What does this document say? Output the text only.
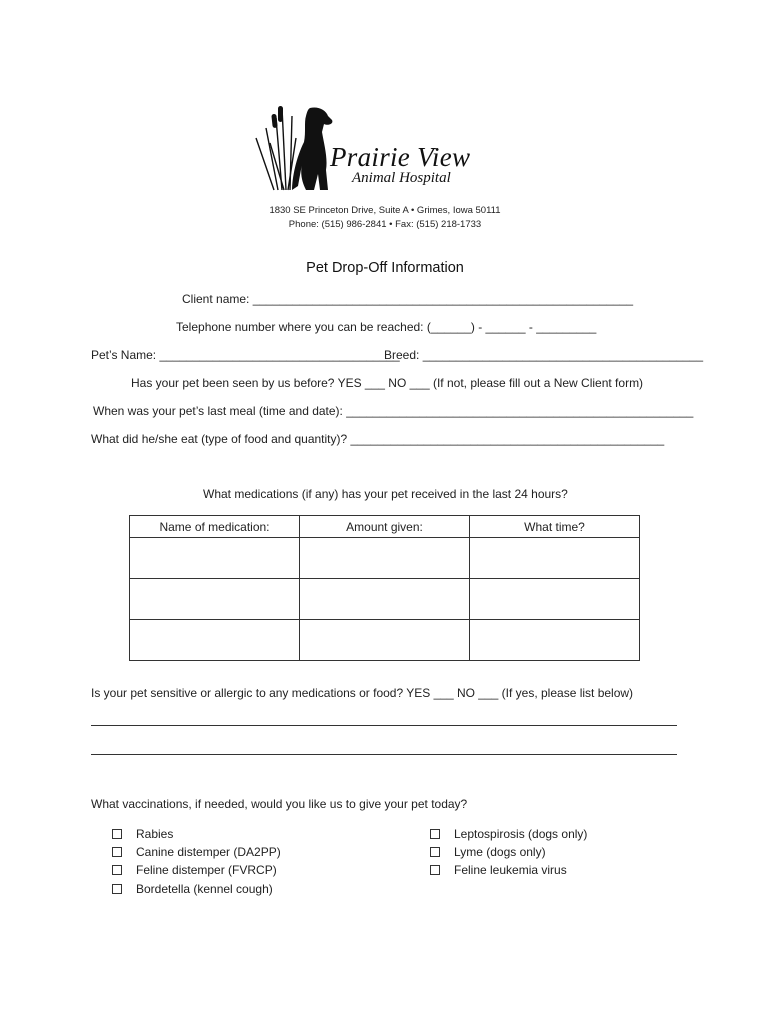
Prairie View
Animal Hospital
1830 SE Princeton Drive, Suite A • Grimes, Iowa 50111
Phone: (515) 986-2841 • Fax: (515) 218-1733
Pet Drop-Off Information
Client name: _________________________________________________________
Telephone number where you can be reached: (______) - ______ - _________
Pet’s Name: ____________________________________
Breed: __________________________________________
Has your pet been seen by us before? YES ___ NO ___ (If not, please fill out a New Client form)
When was your pet’s last meal (time and date): ____________________________________________________
What did he/she eat (type of food and quantity)? _______________________________________________
What medications (if any) has your pet received in the last 24 hours?
Name of medication:	Amount given:	What time?

Is your pet sensitive or allergic to any medications or food? YES ___ NO ___ (If yes, please list below)
What vaccinations, if needed, would you like us to give your pet today?
Rabies
Canine distemper (DA2PP)
Feline distemper (FVRCP)
Bordetella (kennel cough)
Leptospirosis (dogs only)
Lyme (dogs only)
Feline leukemia virus
